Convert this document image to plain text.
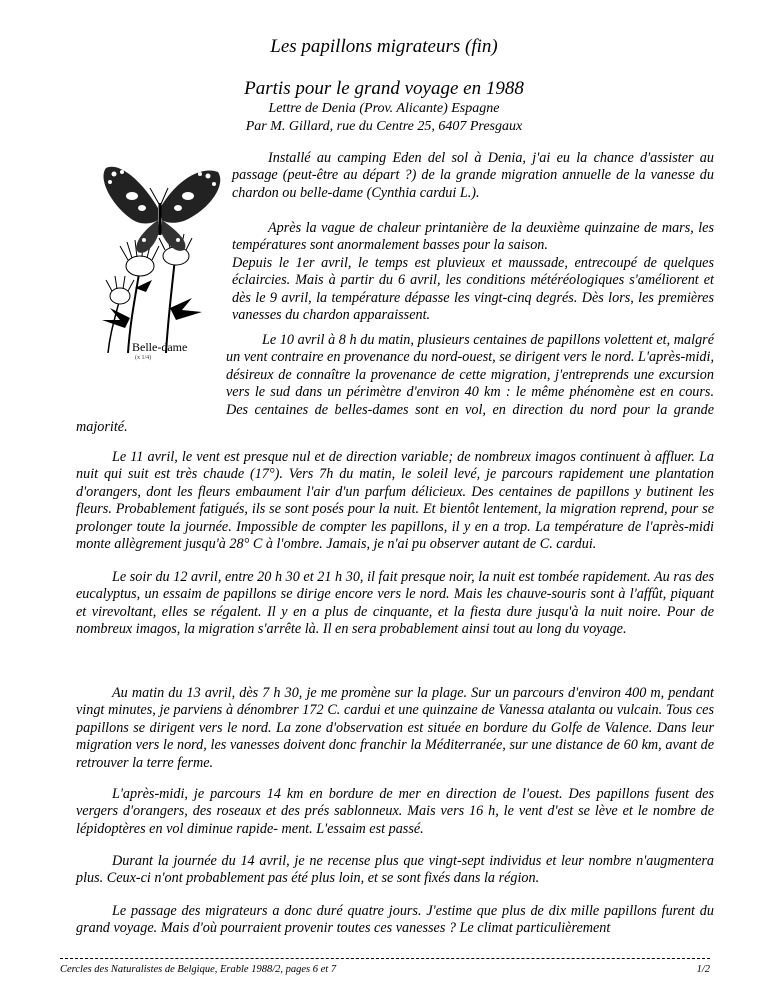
Les papillons migrateurs (fin)
Partis pour le grand voyage en 1988
Lettre de Denia (Prov. Alicante) Espagne
Par M. Gillard, rue du Centre 25, 6407 Presgaux
Belle-dame
(x 1/4)

Installé au camping Eden del sol à Denia, j'ai eu la chance d'assister au passage (peut-être au départ ?) de la grande migration annuelle de la vanesse du chardon ou belle-dame (Cynthia cardui L.).

Après la vague de chaleur printanière de la deuxième quinzaine de mars, les températures sont anormalement basses pour la saison.
Depuis le 1er avril, le temps est pluvieux et maussade, entrecoupé de quelques éclaircies. Mais à partir du 6 avril, les conditions météréologiques s'améliorent et dès le 9 avril, la température dépasse les vingt-cinq degrés. Dès lors, les premières vanesses du chardon apparaissent.

Le 10 avril à 8 h du matin, plusieurs centaines de papillons volettent et, malgré un vent contraire en provenance du nord-ouest, se dirigent vers le nord. L'après-midi, désireux de connaître la provenance de cette migration, j'entreprends une excursion vers le sud dans un périmètre d'environ 40 km : le même phénomène est en cours. Des centaines de belles-dames sont en vol, en direction du nord pour la grande majorité.

Le 11 avril, le vent est presque nul et de direction variable; de nombreux imagos continuent à affluer. La nuit qui suit est très chaude (17°). Vers 7h du matin, le soleil levé, je parcours rapidement une plantation d'orangers, dont les fleurs embaument l'air d'un parfum délicieux. Des centaines de papillons y butinent les fleurs. Probablement fatigués, ils se sont posés pour la nuit. Et bientôt lentement, la migration reprend, pour se prolonger toute la journée. Impossible de compter les papillons, il y en a trop. La température de l'après-midi monte allègrement jusqu'à 28° C à l'ombre. Jamais, je n'ai pu observer autant de C. cardui.

Le soir du 12 avril, entre 20 h 30 et 21 h 30, il fait presque noir, la nuit est tombée rapidement. Au ras des eucalyptus, un essaim de papillons se dirige encore vers le nord. Mais les chauve-souris sont à l'affût, piquant et virevoltant, elles se régalent. Il y en a plus de cinquante, et la fiesta dure jusqu'à la nuit noire. Pour de nombreux imagos, la migration s'arrête là. Il en sera probablement ainsi tout au long du voyage.

Au matin du 13 avril, dès 7 h 30, je me promène sur la plage. Sur un parcours d'environ 400 m, pendant vingt minutes, je parviens à dénombrer 172 C. cardui et une quinzaine de Vanessa atalanta ou vulcain. Tous ces papillons se dirigent vers le nord. La zone d'observation est située en bordure du Golfe de Valence. Dans leur migration vers le nord, les vanesses doivent donc franchir la Méditerranée, sur une distance de 60 km, avant de retrouver la terre ferme.

L'après-midi, je parcours 14 km en bordure de mer en direction de l'ouest. Des papillons fusent des vergers d'orangers, des roseaux et des prés sablonneux. Mais vers 16 h, le vent d'est se lève et le nombre de lépidoptères en vol diminue rapide- ment. L'essaim est passé.

Durant la journée du 14 avril, je ne recense plus que vingt-sept individus et leur nombre n'augmentera plus. Ceux-ci n'ont probablement pas été plus loin, et se sont fixés dans la région.

Le passage des migrateurs a donc duré quatre jours. J'estime que plus de dix mille papillons furent du grand voyage. Mais d'où pourraient provenir toutes ces vanesses ? Le climat particulièrement

Cercles des Naturalistes de Belgique, Erable 1988/2, pages 6 et 7	1/2
